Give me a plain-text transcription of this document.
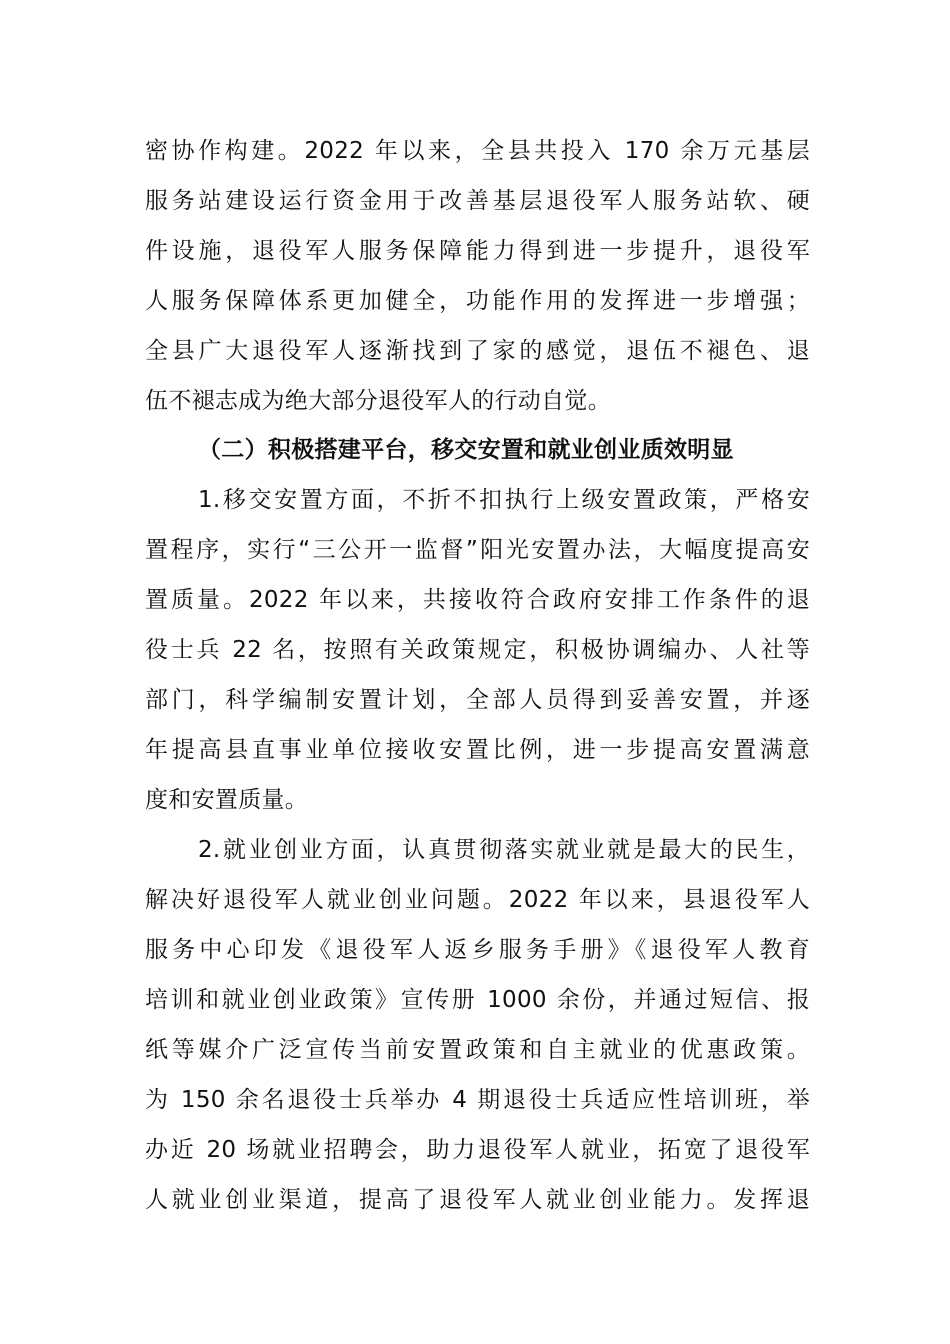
密协作构建。2022 年以来，全县共投入 170 余万元基层
服务站建设运行资金用于改善基层退役军人服务站软、硬
件设施，退役军人服务保障能力得到进一步提升，退役军
人服务保障体系更加健全，功能作用的发挥进一步增强；
全县广大退役军人逐渐找到了家的感觉，退伍不褪色、退
伍不褪志成为绝大部分退役军人的行动自觉。
（二）积极搭建平台，移交安置和就业创业质效明显
1.移交安置方面，不折不扣执行上级安置政策，严格安
置程序，实行“三公开一监督”阳光安置办法，大幅度提高安
置质量。2022 年以来，共接收符合政府安排工作条件的退
役士兵 22 名，按照有关政策规定，积极协调编办、人社等
部门，科学编制安置计划，全部人员得到妥善安置，并逐
年提高县直事业单位接收安置比例，进一步提高安置满意
度和安置质量。
2.就业创业方面，认真贯彻落实就业就是最大的民生，
解决好退役军人就业创业问题。2022 年以来，县退役军人
服务中心印发《退役军人返乡服务手册》《退役军人教育
培训和就业创业政策》宣传册 1000 余份，并通过短信、报
纸等媒介广泛宣传当前安置政策和自主就业的优惠政策。
为 150 余名退役士兵举办 4 期退役士兵适应性培训班，举
办近 20 场就业招聘会，助力退役军人就业，拓宽了退役军
人就业创业渠道，提高了退役军人就业创业能力。发挥退
